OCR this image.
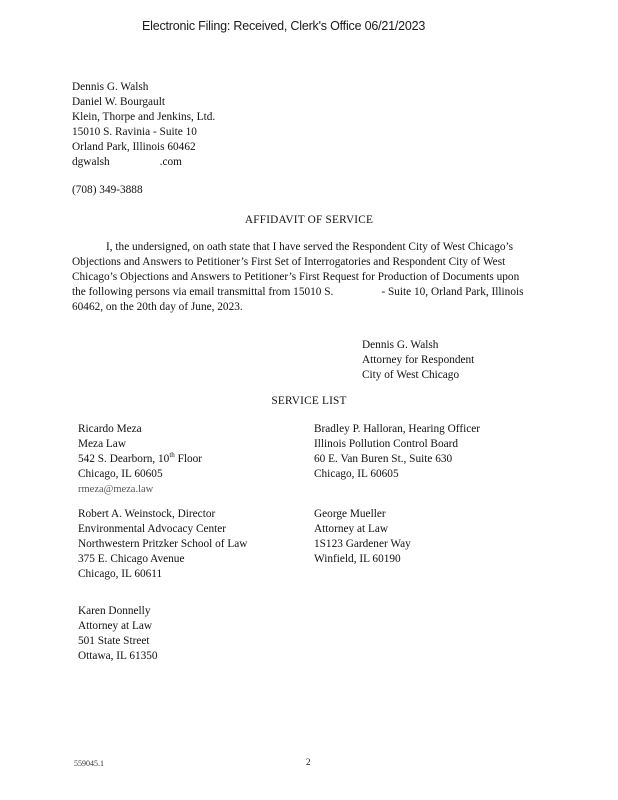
Electronic Filing: Received, Clerk's Office 06/21/2023
Dennis G. Walsh
Daniel W. Bourgault
Klein, Thorpe and Jenkins, Ltd.
15010 S. Ravinia - Suite 10
Orland Park, Illinois 60462
dgwalsh	.com
(708) 349-3888
AFFIDAVIT OF SERVICE
I, the undersigned, on oath state that I have served the Respondent City of West Chicago’s
Objections and Answers to Petitioner’s First Set of Interrogatories and Respondent City of West
Chicago’s Objections and Answers to Petitioner’s First Request for Production of Documents upon
the following persons via email transmittal from 15010 S.	- Suite 10, Orland Park, Illinois
60462, on the 20th day of June, 2023.
Dennis G. Walsh
Attorney for Respondent
City of West Chicago
SERVICE LIST
Ricardo Meza
Meza Law
542 S. Dearborn, 10th Floor
Chicago, IL 60605
rmeza@meza.law
Bradley P. Halloran, Hearing Officer
Illinois Pollution Control Board
60 E. Van Buren St., Suite 630
Chicago, IL 60605
Robert A. Weinstock, Director
Environmental Advocacy Center
Northwestern Pritzker School of Law
375 E. Chicago Avenue
Chicago, IL 60611
George Mueller
Attorney at Law
1S123 Gardener Way
Winfield, IL 60190
Karen Donnelly
Attorney at Law
501 State Street
Ottawa, IL 61350
559045.1	2
